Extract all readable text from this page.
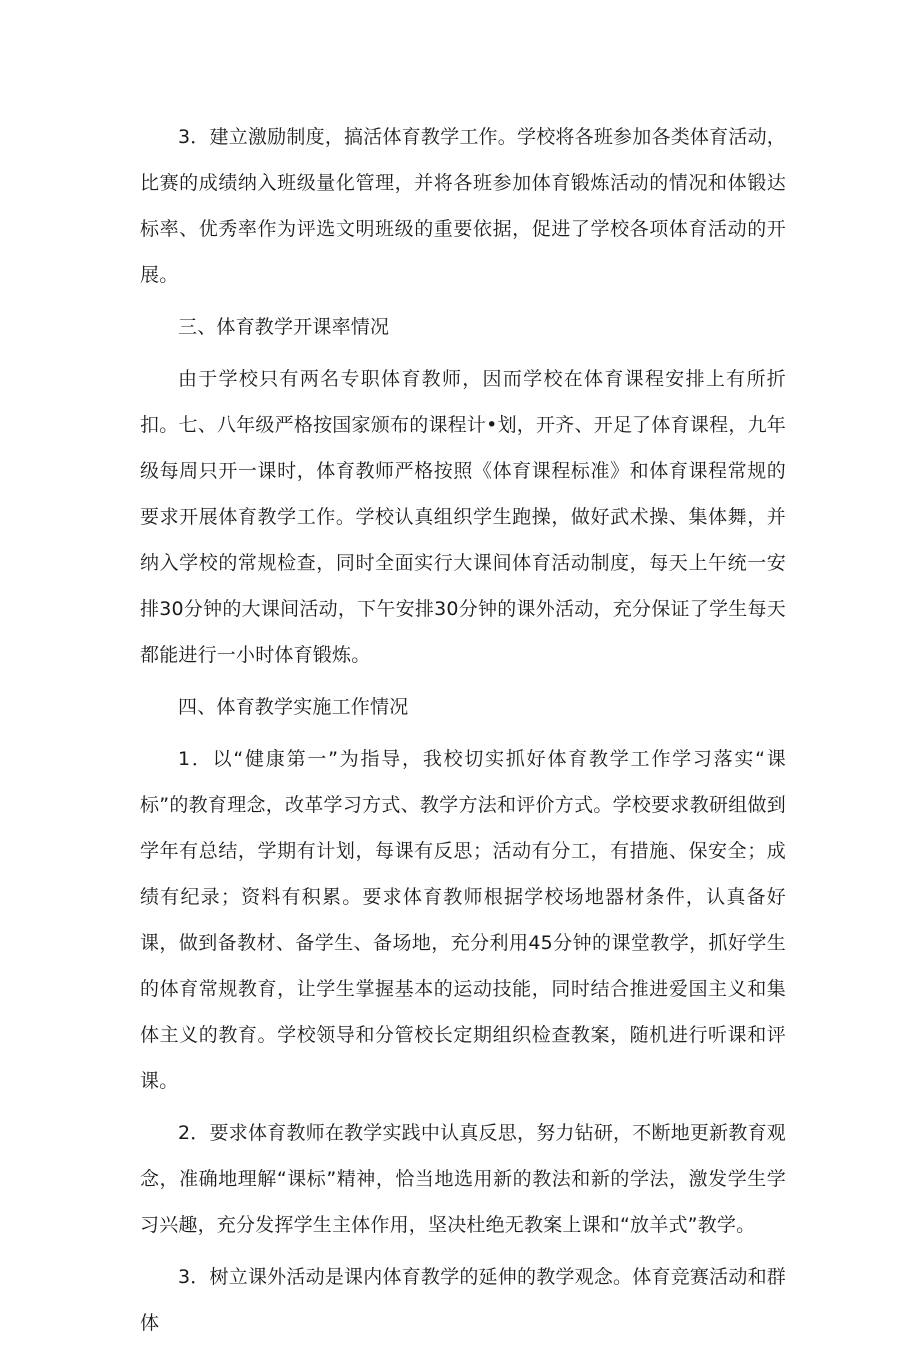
3．建立激励制度，搞活体育教学工作。学校将各班参加各类体育活动，比赛的成绩纳入班级量化管理，并将各班参加体育锻炼活动的情况和体锻达标率、优秀率作为评选文明班级的重要依据，促进了学校各项体育活动的开展。

三、体育教学开课率情况

由于学校只有两名专职体育教师，因而学校在体育课程安排上有所折扣。七、八年级严格按国家颁布的课程计•划，开齐、开足了体育课程，九年级每周只开一课时，体育教师严格按照《体育课程标准》和体育课程常规的要求开展体育教学工作。学校认真组织学生跑操，做好武术操、集体舞，并纳入学校的常规检查，同时全面实行大课间体育活动制度，每天上午统一安排30分钟的大课间活动，下午安排30分钟的课外活动，充分保证了学生每天都能进行一小时体育锻炼。

四、体育教学实施工作情况

1．以“健康第一”为指导，我校切实抓好体育教学工作学习落实“课标”的教育理念，改革学习方式、教学方法和评价方式。学校要求教研组做到学年有总结，学期有计划，每课有反思；活动有分工，有措施、保安全；成绩有纪录；资料有积累。要求体育教师根据学校场地器材条件，认真备好课，做到备教材、备学生、备场地，充分利用45分钟的课堂教学，抓好学生的体育常规教育，让学生掌握基本的运动技能，同时结合推进爱国主义和集体主义的教育。学校领导和分管校长定期组织检查教案，随机进行听课和评课。

2．要求体育教师在教学实践中认真反思，努力钻研，不断地更新教育观念，准确地理解“课标”精神，恰当地选用新的教法和新的学法，激发学生学习兴趣，充分发挥学生主体作用，坚决杜绝无教案上课和“放羊式”教学。

3．树立课外活动是课内体育教学的延伸的教学观念。体育竞赛活动和群体
